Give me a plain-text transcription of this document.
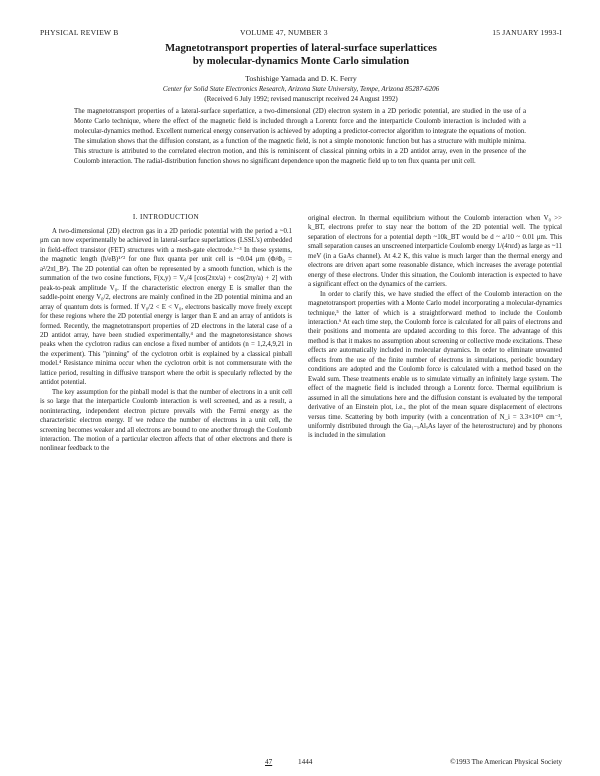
PHYSICAL REVIEW B	VOLUME 47, NUMBER 3	15 JANUARY 1993-I
Magnetotransport properties of lateral-surface superlattices
by molecular-dynamics Monte Carlo simulation
Toshishige Yamada and D. K. Ferry
Center for Solid State Electronics Research, Arizona State University, Tempe, Arizona 85287-6206
(Received 6 July 1992; revised manuscript received 24 August 1992)
The magnetotransport properties of a lateral-surface superlattice, a two-dimensional (2D) electron system in a 2D periodic potential, are studied in the use of a Monte Carlo technique, where the effect of the magnetic field is included through a Lorentz force and the interparticle Coulomb interaction is included with a molecular-dynamics method. Excellent numerical energy conservation is achieved by adopting a predictor-corrector algorithm to integrate the equations of motion. The simulation shows that the diffusion constant, as a function of the magnetic field, is not a simple monotonic function but has a structure with multiple minima. This structure is attributed to the correlated electron motion, and this is reminiscent of classical pinning orbits in a 2D antidot array, even in the presence of the Coulomb interaction. The radial-distribution function shows no significant dependence upon the magnetic field up to ten flux quanta per unit cell.
I. INTRODUCTION

A two-dimensional (2D) electron gas in a 2D periodic potential with the period a ~0.1 μm can now experimentally be achieved in lateral-surface superlattices (LSSL's) embedded in field-effect transistor (FET) structures with a mesh-gate electrode.¹⁻³ In these systems, the magnetic length (ħ/eB)¹ᐟ² for one flux quanta per unit cell is ~0.04 μm (Φ/Φ₀ = a²/2πl_B²). The 2D potential can often be represented by a smooth function, which is the summation of the two cosine functions, F(x,y) = V₀/4 [cos(2πx/a) + cos(2πy/a) + 2] with peak-to-peak amplitude V₀. If the characteristic electron energy E is smaller than the saddle-point energy V₀/2, electrons are mainly confined in the 2D potential minima and an array of quantum dots is formed. If V₀/2 < E < V₀, electrons basically move freely except for these regions where the 2D potential energy is larger than E and an array of antidots is formed. Recently, the magnetotransport properties of 2D electrons in the lateral case of a 2D antidot array, have been studied experimentally,⁴ and the magnetoresistance shows peaks when the cyclotron radius can enclose a fixed number of antidots (n = 1,2,4,9,21 in the experiment). This "pinning" of the cyclotron orbit is explained by a classical pinball model.⁴ Resistance minima occur when the cyclotron orbit is not commensurate with the lattice period, resulting in diffusive transport where the orbit is specularly reflected by the antidot potential.

The key assumption for the pinball model is that the number of electrons in a unit cell is so large that the interparticle Coulomb interaction is well screened, and as a result, a noninteracting, independent electron picture prevails with the Fermi energy as the characteristic electron energy. If we reduce the number of electrons in a unit cell, the screening becomes weaker and all electrons are bound to one another through the Coulomb interaction. The motion of a particular electron affects that of other electrons and there is nonlinear feedback to the

original electron. In thermal equilibrium without the Coulomb interaction when V₀ >> k_BT, electrons prefer to stay near the bottom of the 2D potential well. The typical separation of electrons for a potential depth ~10k_BT would be d ~ a/10 ~ 0.01 μm. This small separation causes an unscreened interparticle Coulomb energy 1/(4πεd) as large as ~11 meV (in a GaAs channel). At 4.2 K, this value is much larger than the thermal energy and electrons are driven apart some reasonable distance, which increases the average potential energy of these electrons. Under this situation, the Coulomb interaction is expected to have a significant effect on the dynamics of the carriers.

In order to clarify this, we have studied the effect of the Coulomb interaction on the magnetotransport properties with a Monte Carlo model incorporating a molecular-dynamics technique,⁵ the latter of which is a straightforward method to include the Coulomb interaction.⁶ At each time step, the Coulomb force is calculated for all pairs of electrons and their positions and momenta are updated according to this force. The advantage of this method is that it makes no assumption about screening or collective mode excitations. These effects are automatically included in molecular dynamics. In order to eliminate unwanted effects from the use of the finite number of electrons in simulations, periodic boundary conditions are adopted and the Coulomb force is calculated with a method based on the Ewald sum. These treatments enable us to simulate virtually an infinitely large system. The effect of the magnetic field is included through a Lorentz force. Thermal equilibrium is assumed in all the simulations here and the diffusion constant is evaluated by the temporal derivative of an Einstein plot, i.e., the plot of the mean square displacement of electrons versus time. Scattering by both impurity (with a concentration of N_i = 3.3×10¹⁵ cm⁻³, uniformly distributed through the Ga₁₋ₓAlₓAs layer of the heterostructure) and by phonons is included in the simulation

47	1444	©1993 The American Physical Society
